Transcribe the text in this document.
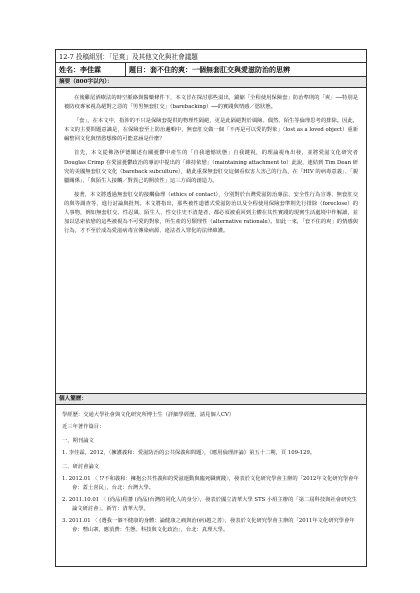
12-7 投稿組別：「足爽」及其他文化與社會議題
姓名：李佳霖	題目：套不住的爽：一個無套肛交與愛滋防治的思辨
摘要（800字以內）：

在後雞尾酒療法的時空脈絡與醫藥條件下，本文冒在探討那些溢出，錨縮「全程使用保險套」防治準則的「爽」──特別是被防疫專家視為絕對之惡的「男男無套肛交」（barebacking）──的實踐與情感／慾狀態。

「套」，在本文中，指涉的不只是保險套提供的物理性隔絕，更是此隔絕對於風險、偶然、陌生等倫理思考的排除。因此，本文的主要問題意識是，在保險套至上防治邏輯中，無套肛交做一個「不再是可以愛的對象」（lost as a loved object）重新編整回文化與情慾想像的可能意涵是什麼？

首先，本文從佛洛伊德闡述有關憂鬱中產生的「自我遺憾狀態」自我鍵祝，的理論視角出發，並將愛滋文化研究者 Douglas Crimp 在愛滋憂鬱政治的專訪中提出的「維持依戀」（maintaining attachment to）此說，連結到 Tim Dean 研究的美國無套肛交文化（bareback subculture），藉此重探無套肛交這個看似害人害己的行為，在「HIV 的病毒意義」、「親屬關係」、「與陌生人接觸／對異己的開放性」這三方面的創造力。

接著，本文將透過無套肛交的接觸倫理（ethics of contact），分別對於台灣愛滋防治專法、安全性行為宣導、無套肛交的與等調查等，進行討論與批判。本文將指出，那些被性道德式愛滋防治以及全程使用保險套準則先行排除（foreclose）的人事物，例如無套肛交、性忍風、陌生人、性交往史不清楚者，都必須被重回到主體在其性實踐的現實生活處境中作解讀，並加以思索依戀的這些被視為不可愛的對象，所生產的另類理性（alternative rationale）。如此一來，「套不住的爽」的情感與行為，才不至於成為愛滋病毒宣傳染病源、違法者入罪化的法律維護。

個人簡歷：
學經歷：交通大學社會與文化研究所博士生（詳細學經歷，請見個人CV）
近三年著作篇目：
一、期刊論文
1. 李佳霖，2012，〈擁護義和：愛滋防治的公共保義和問題〉，《應用倫理評論》第五十二期，頁 109-129。
二、研討會論文
1. 2012.01 〈 !?不和義和：擁抱公共性義和的愛滋運動與臨死職實踐〉，發表於文化研究學會主辦的「2012年文化研究學會年會：蓋土喜民」，台北：台灣大學。
2. 2011.10.01 〈 (尚品)程蕃 (尚品)台灣的同化人的身分〉，發表於國立清華大學 STS 小組主辦的「第二屆科技與社會研究生論文研討會」，新竹：清華大學。
3. 2011.01 〈 (選我一個不健康的身體：論健康之痛與治(病)越之善〉，發表於文化研究學會主辦的「2011年文化研究學會年會：嘿山寨，應消費：生態、科技與文化政治」，台北：真理大學。
